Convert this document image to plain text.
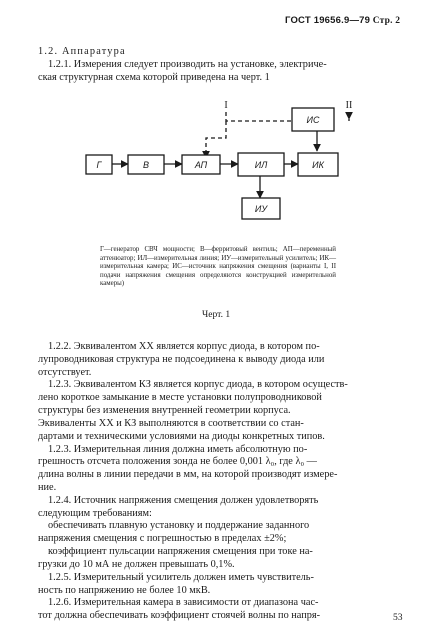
ГОСТ 19656.9—79 Стр. 2
1.2. Аппаратура
1.2.1. Измерения следует производить на установке, электриче-
ская структурная схема которой приведена на черт. 1
Г	В	АП	ИЛ	ИК
ИС
ИУ
I	II
Г—генератор СВЧ мощности; В—ферритовый вентиль; АП—переменный аттенюатор; ИЛ—измерительная линия; ИУ—измерительный усилитель; ИК—измерительная камера; ИС—источник напряжения смещения (варианты I, II подачи напряжения смещения определяются конструкцией измерительной камеры)
Черт. 1
1.2.2. Эквивалентом ХХ является корпус диода, в котором по-
лупроводниковая структура не подсоединена к выводу диода или
отсутствует.
1.2.3. Эквивалентом КЗ является корпус диода, в котором осуществ-
лено короткое замыкание в месте установки полупроводниковой
структуры без изменения внутренней геометрии корпуса.
Эквиваленты ХХ и КЗ выполняются в соответствии со стан-
дартами и техническими условиями на диоды конкретных типов.
1.2.3. Измерительная линия должна иметь абсолютную по-
грешность отсчета положения зонда не более 0,001 λ₀, где λ₀ —
длина волны в линии передачи в мм, на которой производят измере-
ние.
1.2.4. Источник напряжения смещения должен удовлетворять
следующим требованиям:
обеспечивать плавную установку и поддержание заданного
напряжения смещения с погрешностью в пределах ±2%;
коэффициент пульсации напряжения смещения при токе на-
грузки до 10 мА не должен превышать 0,1%.
1.2.5. Измерительный усилитель должен иметь чувствитель-
ность по напряжению не более 10 мкВ.
1.2.6. Измерительная камера в зависимости от диапазона час-
тот должна обеспечивать коэффициент стоячей волны по напря-	53
